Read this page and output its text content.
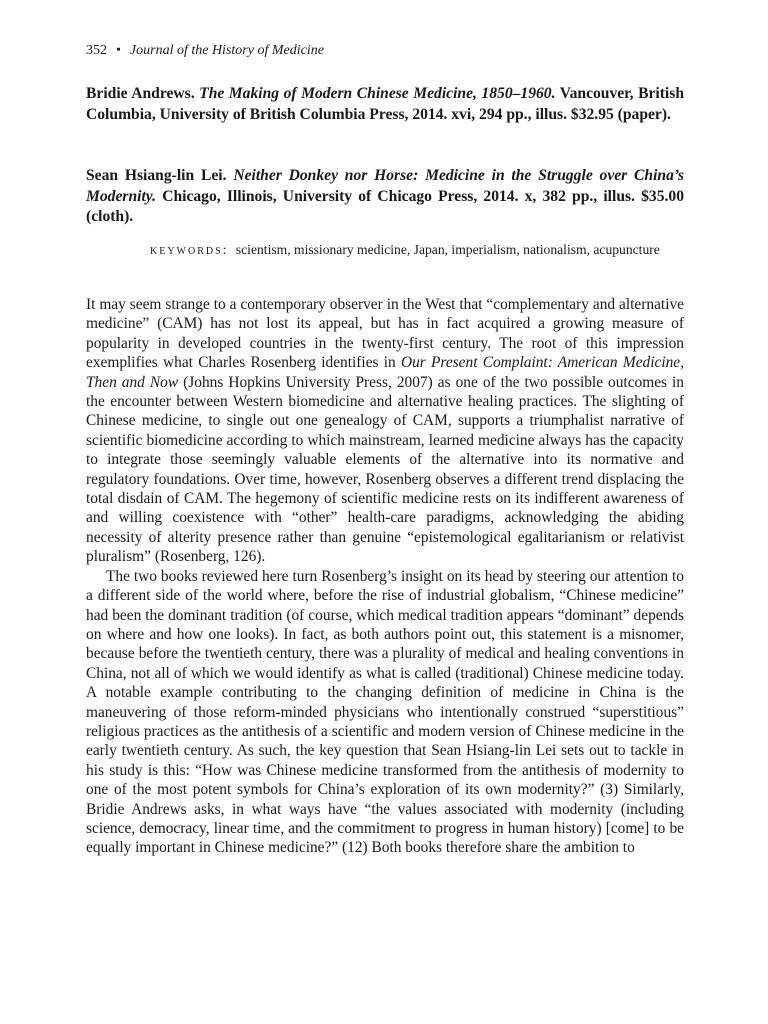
352 • Journal of the History of Medicine
Bridie Andrews. The Making of Modern Chinese Medicine, 1850–1960. Vancouver, British Columbia, University of British Columbia Press, 2014. xvi, 294 pp., illus. $32.95 (paper).
Sean Hsiang-lin Lei. Neither Donkey nor Horse: Medicine in the Struggle over China’s Modernity. Chicago, Illinois, University of Chicago Press, 2014. x, 382 pp., illus. $35.00 (cloth).
keywords: scientism, missionary medicine, Japan, imperialism, nationalism, acupuncture

It may seem strange to a contemporary observer in the West that “complementary and alternative medicine” (CAM) has not lost its appeal, but has in fact acquired a growing measure of popularity in developed countries in the twenty-first century. The root of this impression exemplifies what Charles Rosenberg identifies in Our Present Complaint: American Medicine, Then and Now (Johns Hopkins University Press, 2007) as one of the two possible outcomes in the encounter between Western biomedicine and alternative healing practices. The slighting of Chinese medicine, to single out one genealogy of CAM, supports a triumphalist narrative of scientific biomedicine according to which mainstream, learned medicine always has the capacity to integrate those seemingly valuable elements of the alternative into its normative and regulatory foundations. Over time, however, Rosenberg observes a different trend displacing the total disdain of CAM. The hegemony of scientific medicine rests on its indifferent awareness of and willing coexistence with “other” health-care paradigms, acknowledging the abiding necessity of alterity presence rather than genuine “epistemological egalitarianism or relativist pluralism” (Rosenberg, 126).

The two books reviewed here turn Rosenberg’s insight on its head by steering our attention to a different side of the world where, before the rise of industrial globalism, “Chinese medicine” had been the dominant tradition (of course, which medical tradition appears “dominant” depends on where and how one looks). In fact, as both authors point out, this statement is a misnomer, because before the twentieth century, there was a plurality of medical and healing conventions in China, not all of which we would identify as what is called (traditional) Chinese medicine today. A notable example contributing to the changing definition of medicine in China is the maneuvering of those reform-minded physicians who intentionally construed “superstitious” religious practices as the antithesis of a scientific and modern version of Chinese medicine in the early twentieth century. As such, the key question that Sean Hsiang-lin Lei sets out to tackle in his study is this: “How was Chinese medicine transformed from the antithesis of modernity to one of the most potent symbols for China’s exploration of its own modernity?” (3) Similarly, Bridie Andrews asks, in what ways have “the values associated with modernity (including science, democracy, linear time, and the commitment to progress in human history) [come] to be equally important in Chinese medicine?” (12) Both books therefore share the ambition to
